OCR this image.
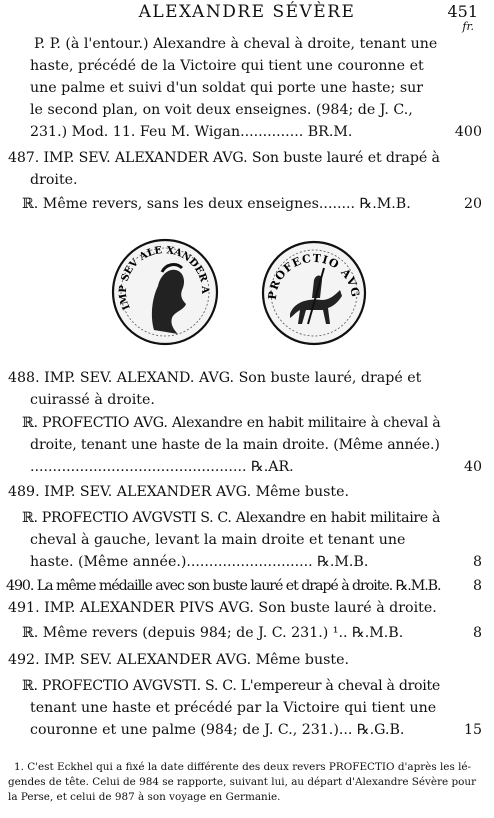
ALEXANDRE SÉVÈRE	451
fr.
P. P. (à l'entour.) Alexandre à cheval à droite, tenant une
haste, précédé de la Victoire qui tient une couronne et
une palme et suivi d'un soldat qui porte une haste; sur
le second plan, on voit deux enseignes. (984; de J. C.,
231.) Mod. 11. Feu M. Wigan.............. BR.M.
487. IMP. SEV. ALEXANDER AVG. Son buste lauré et drapé à
droite.
ℝ. Même revers, sans les deux enseignes........ ℞.M.B.
488. IMP. SEV. ALEXAND. AVG. Son buste lauré, drapé et
cuirassé à droite.
ℝ. PROFECTIO AVG. Alexandre en habit militaire à cheval à
droite, tenant une haste de la main droite. (Même année.)
................................................ ℞.AR.
489. IMP. SEV. ALEXANDER AVG. Même buste.
ℝ. PROFECTIO AVGVSTI S. C. Alexandre en habit militaire à
cheval à gauche, levant la main droite et tenant une
haste. (Même année.)............................ ℞.M.B.
490. La même médaille avec son buste lauré et drapé à droite. ℞.M.B.
491. IMP. ALEXANDER PIVS AVG. Son buste lauré à droite.
ℝ. Même revers (depuis 984; de J. C. 231.) ¹.. ℞.M.B.
492. IMP. SEV. ALEXANDER AVG. Même buste.
ℝ. PROFECTIO AVGVSTI. S. C. L'empereur à cheval à droite
tenant une haste et précédé par la Victoire qui tient une
couronne et une palme (984; de J. C., 231.)... ℞.G.B.
400
20
40
8
8
8
15
IMP SEV ALE XANDER A
PROFECTIO AVG
1. C'est Eckhel qui a fixé la date différente des deux revers PROFECTIO d'après les lé-
gendes de tête. Celui de 984 se rapporte, suivant lui, au départ d'Alexandre Sévère pour
la Perse, et celui de 987 à son voyage en Germanie.
